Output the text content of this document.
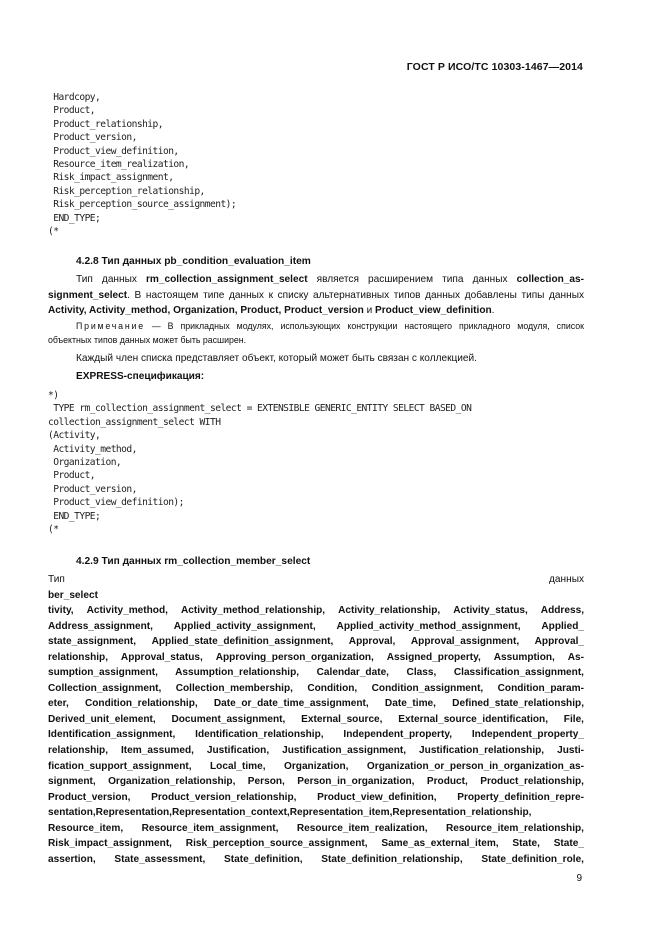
ГОСТ Р ИСО/ТС 10303-1467—2014
Hardcopy,
Product,
Product_relationship,
Product_version,
Product_view_definition,
Resource_item_realization,
Risk_impact_assignment,
Risk_perception_relationship,
Risk_perception_source_assignment);
END_TYPE;
(*
4.2.8 Тип данных pb_condition_evaluation_item
Тип данных rm_collection_assignment_select является расширением типа данных collection_as-signment_select. В настоящем типе данных к списку альтернативных типов данных добавлены типы данных Activity, Activity_method, Organization, Product, Product_version и Product_view_definition.
Примечание — В прикладных модулях, использующих конструкции настоящего прикладного модуля, список объектных типов данных может быть расширен.
Каждый член списка представляет объект, который может быть связан с коллекцией.
EXPRESS-спецификация:
*)
TYPE rm_collection_assignment_select = EXTENSIBLE GENERIC_ENTITY SELECT BASED_ON
collection_assignment_select WITH
(Activity,
Activity_method,
Organization,
Product,
Product_version,
Product_view_definition);
END_TYPE;
(*
4.2.9 Тип данных rm_collection_member_select
Тип данных
ber_select
tivity, Activity_method, Activity_method_relationship, Activity_relationship, Activity_status, Address,
Address_assignment, Applied_activity_assignment, Applied_activity_method_assignment, Applied_
state_assignment, Applied_state_definition_assignment, Approval, Approval_assignment, Approval_
relationship, Approval_status, Approving_person_organization, Assigned_property, Assumption, As-
sumption_assignment, Assumption_relationship, Calendar_date, Class, Classification_assignment,
Collection_assignment, Collection_membership, Condition, Condition_assignment, Condition_param-
eter, Condition_relationship, Date_or_date_time_assignment, Date_time, Defined_state_relationship,
Derived_unit_element, Document_assignment, External_source, External_source_identification, File,
Identification_assignment, Identification_relationship, Independent_property, Independent_property_
relationship, Item_assumed, Justification, Justification_assignment, Justification_relationship, Justi-
fication_support_assignment, Local_time, Organization, Organization_or_person_in_organization_as-
signment, Organization_relationship, Person, Person_in_organization, Product, Product_relationship,
Product_version, Product_version_relationship, Product_view_definition, Property_definition_repre-
sentation,Representation,Representation_context,Representation_item,Representation_relationship,
Resource_item, Resource_item_assignment, Resource_item_realization, Resource_item_relationship,
Risk_impact_assignment, Risk_perception_source_assignment, Same_as_external_item, State, State_
assertion, State_assessment, State_definition, State_definition_relationship, State_definition_role,
9
